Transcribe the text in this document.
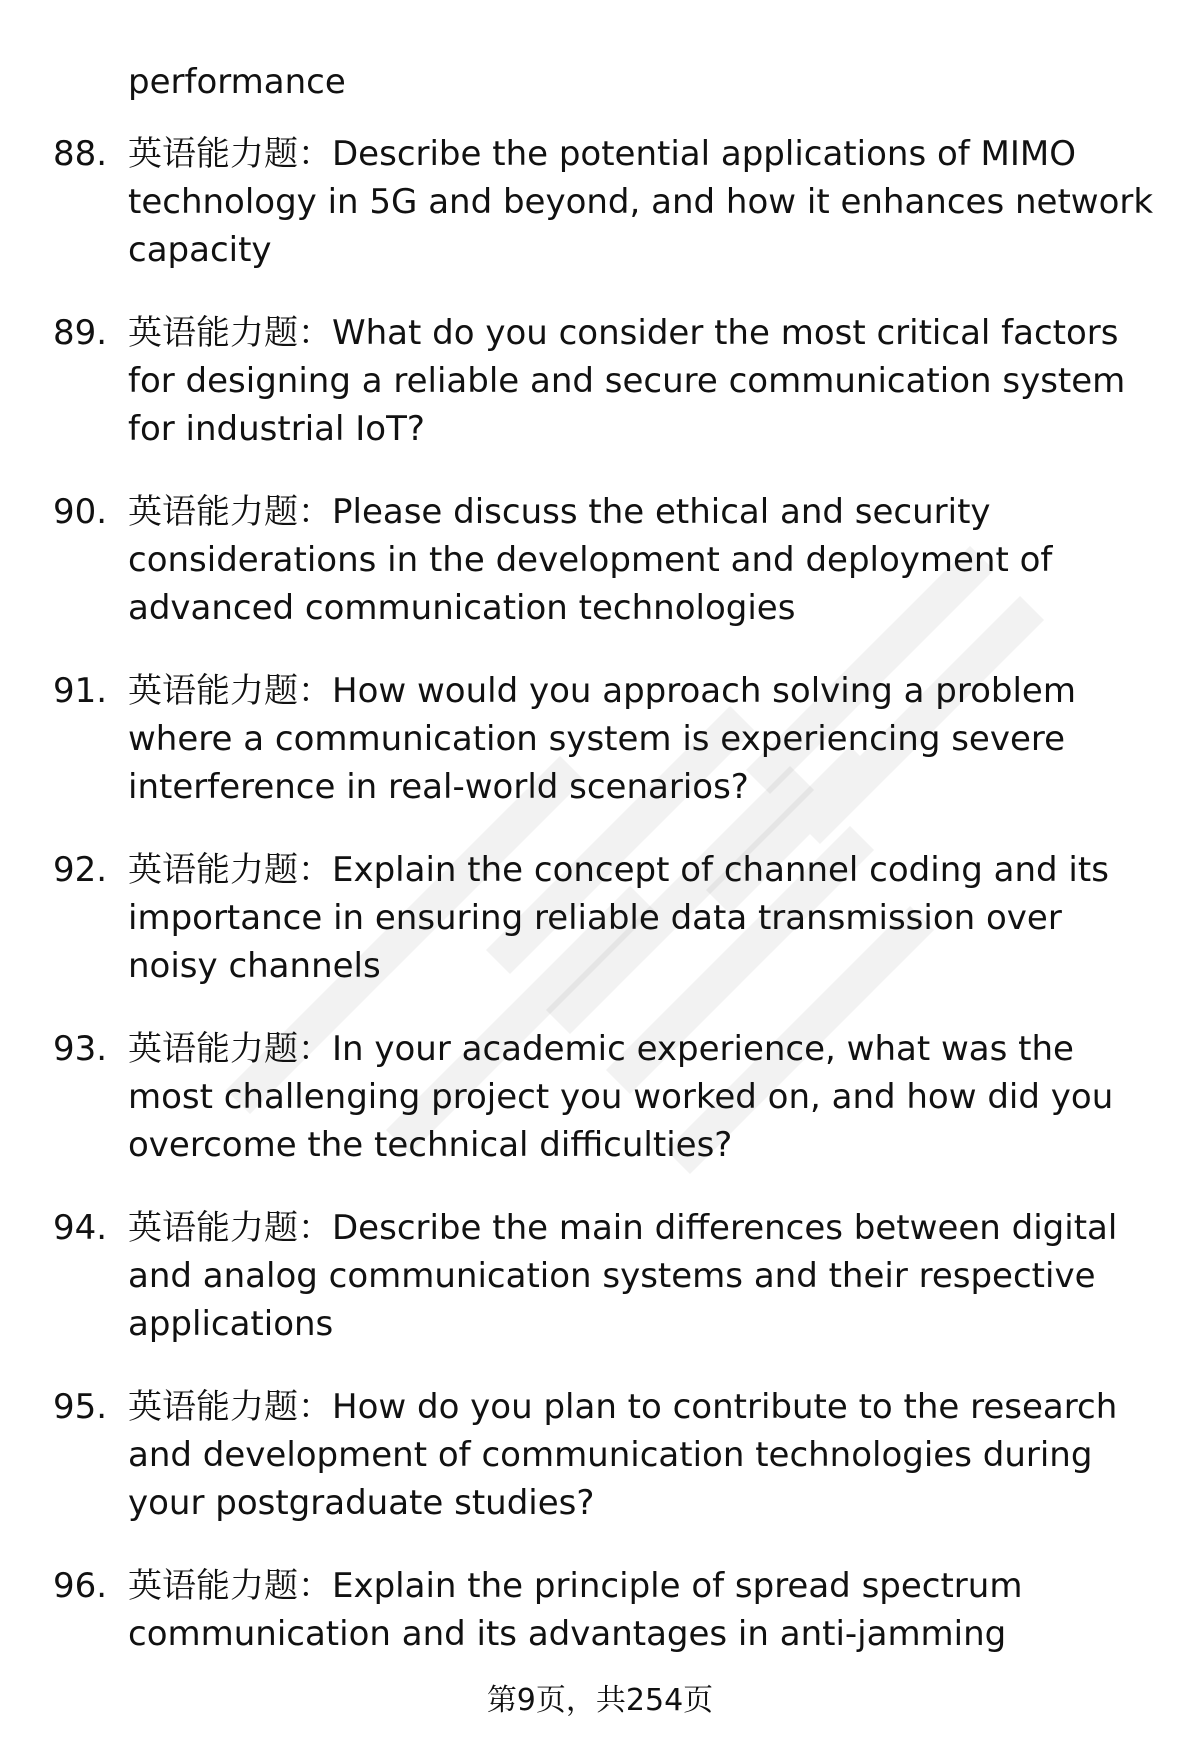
performance
88. 英语能力题：Describe the potential applications of MIMO technology in 5G and beyond, and how it enhances network capacity
89. 英语能力题：What do you consider the most critical factors for designing a reliable and secure communication system for industrial IoT?
90. 英语能力题：Please discuss the ethical and security considerations in the development and deployment of advanced communication technologies
91. 英语能力题：How would you approach solving a problem where a communication system is experiencing severe interference in real-world scenarios?
92. 英语能力题：Explain the concept of channel coding and its importance in ensuring reliable data transmission over noisy channels
93. 英语能力题：In your academic experience, what was the most challenging project you worked on, and how did you overcome the technical difficulties?
94. 英语能力题：Describe the main differences between digital and analog communication systems and their respective applications
95. 英语能力题：How do you plan to contribute to the research and development of communication technologies during your postgraduate studies?
96. 英语能力题：Explain the principle of spread spectrum communication and its advantages in anti-jamming
第9页，共254页
